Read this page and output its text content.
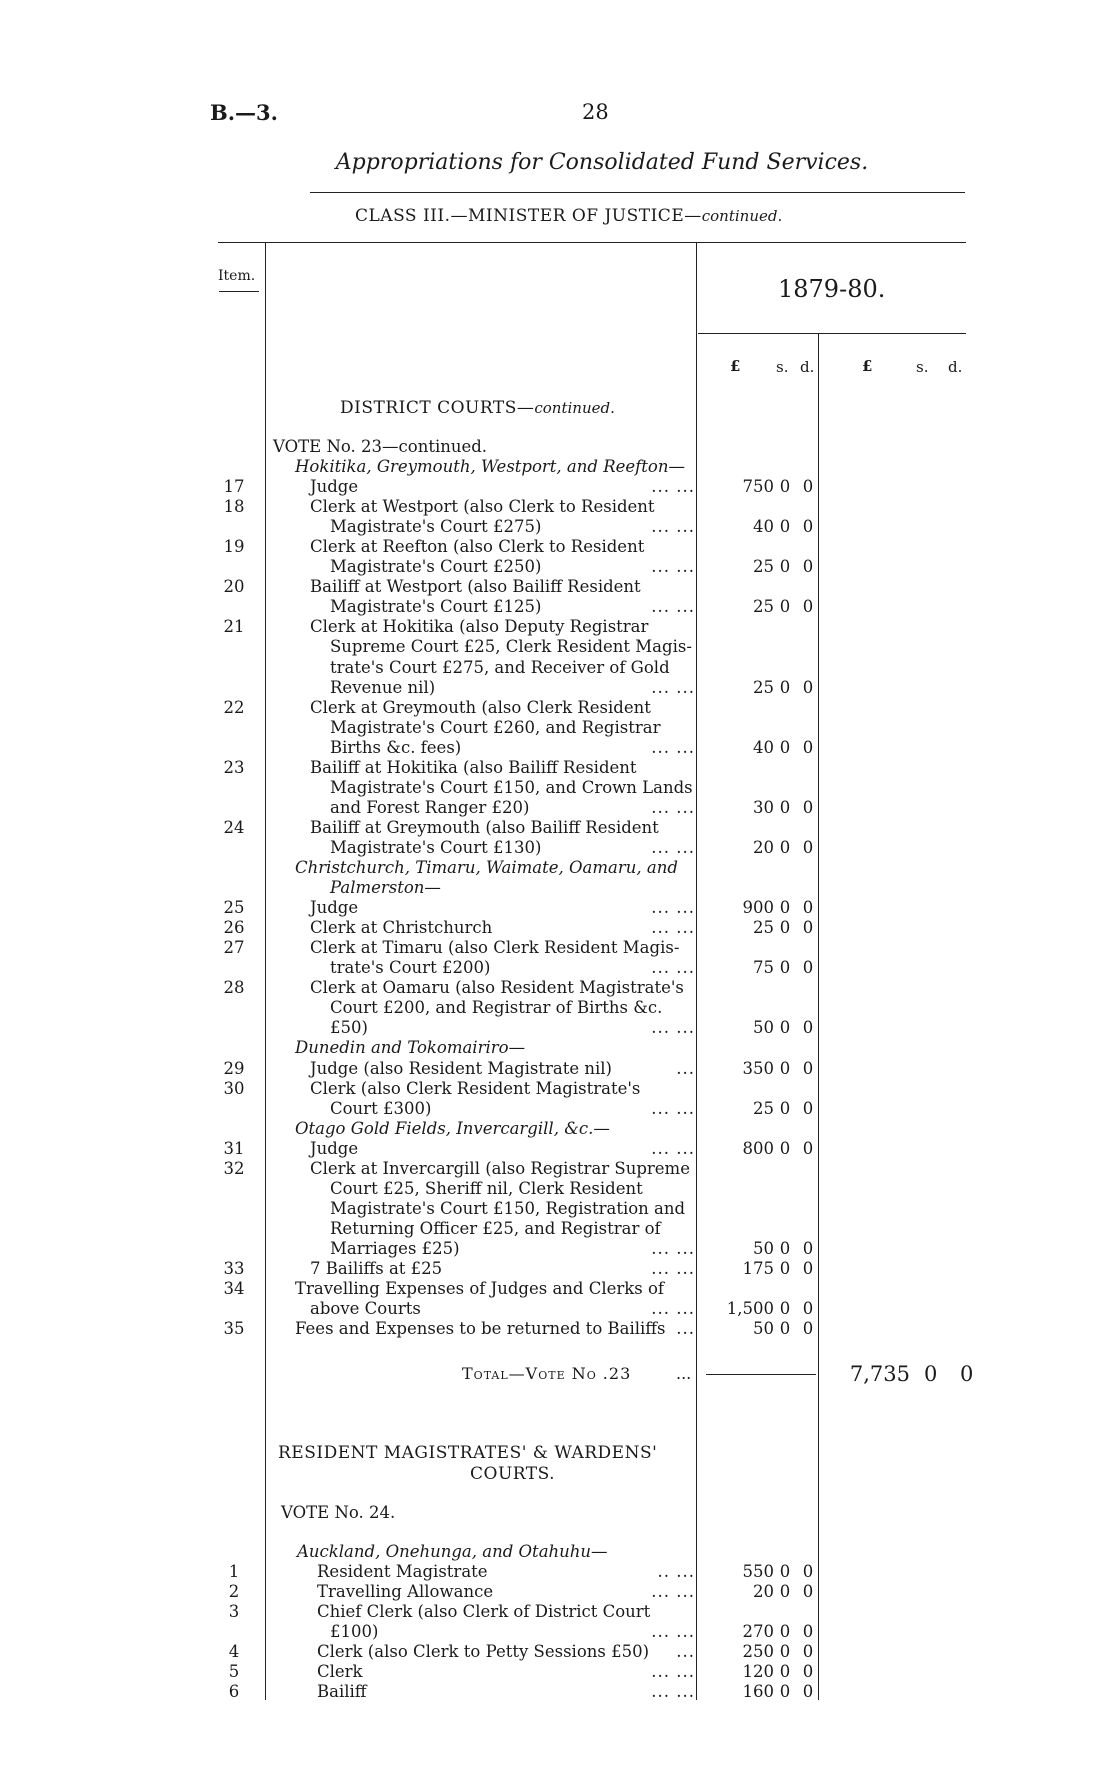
B.—3.	28
Appropriations for Consolidated Fund Services.
CLASS III.—MINISTER OF JUSTICE—continued.
Item.	1879-80.
£ s. d.	£	s. d.
DISTRICT COURTS—continued.
VOTE No. 23—continued.
Hokitika, Greymouth, Westport, and Reefton—
17	Judge	... ...	750 0 0
18	Clerk at Westport (also Clerk to Resident
Magistrate's Court £275)	... ...	40 0 0
19	Clerk at Reefton (also Clerk to Resident
Magistrate's Court £250)	... ...	25 0 0
20	Bailiff at Westport (also Bailiff Resident
Magistrate's Court £125)	... ...	25 0 0
21	Clerk at Hokitika (also Deputy Registrar
Supreme Court £25, Clerk Resident Magis-
trate's Court £275, and Receiver of Gold
Revenue nil)	... ...	25 0 0
22	Clerk at Greymouth (also Clerk Resident
Magistrate's Court £260, and Registrar
Births &c. fees)	... ...	40 0 0
23	Bailiff at Hokitika (also Bailiff Resident
Magistrate's Court £150, and Crown Lands
and Forest Ranger £20)	... ...	30 0 0
24	Bailiff at Greymouth (also Bailiff Resident
Magistrate's Court £130)	... ...	20 0 0
Christchurch, Timaru, Waimate, Oamaru, and
Palmerston—
25	Judge	... ...	900 0 0
26	Clerk at Christchurch	... ...	25 0 0
27	Clerk at Timaru (also Clerk Resident Magis-
trate's Court £200)	... ...	75 0 0
28	Clerk at Oamaru (also Resident Magistrate's
Court £200, and Registrar of Births &c.
£50)	... ...	50 0 0
Dunedin and Tokomairiro—
29	Judge (also Resident Magistrate nil)	...	350 0 0
30	Clerk (also Clerk Resident Magistrate's
Court £300)	... ...	25 0 0
Otago Gold Fields, Invercargill, &c.—
31	Judge	... ...	800 0 0
32	Clerk at Invercargill (also Registrar Supreme
Court £25, Sheriff nil, Clerk Resident
Magistrate's Court £150, Registration and
Returning Officer £25, and Registrar of
Marriages £25)	... ...	50 0 0
33	7 Bailiffs at £25	... ...	175 0 0
34	Travelling Expenses of Judges and Clerks of
above Courts	... ...	1,500 0 0
35	Fees and Expenses to be returned to Bailiffs ...	50 0 0
Total—Vote No .23	...	7,735 0 0
RESIDENT MAGISTRATES' & WARDENS'
COURTS.
VOTE No. 24.
Auckland, Onehunga, and Otahuhu—
1	Resident Magistrate	.. ...	550 0 0
2	Travelling Allowance	... ...	20 0 0
3	Chief Clerk (also Clerk of District Court
£100)	... ...	270 0 0
4	Clerk (also Clerk to Petty Sessions £50)	...	250 0 0
5	Clerk	... ...	120 0 0
6	Bailiff	... ...	160 0 0
